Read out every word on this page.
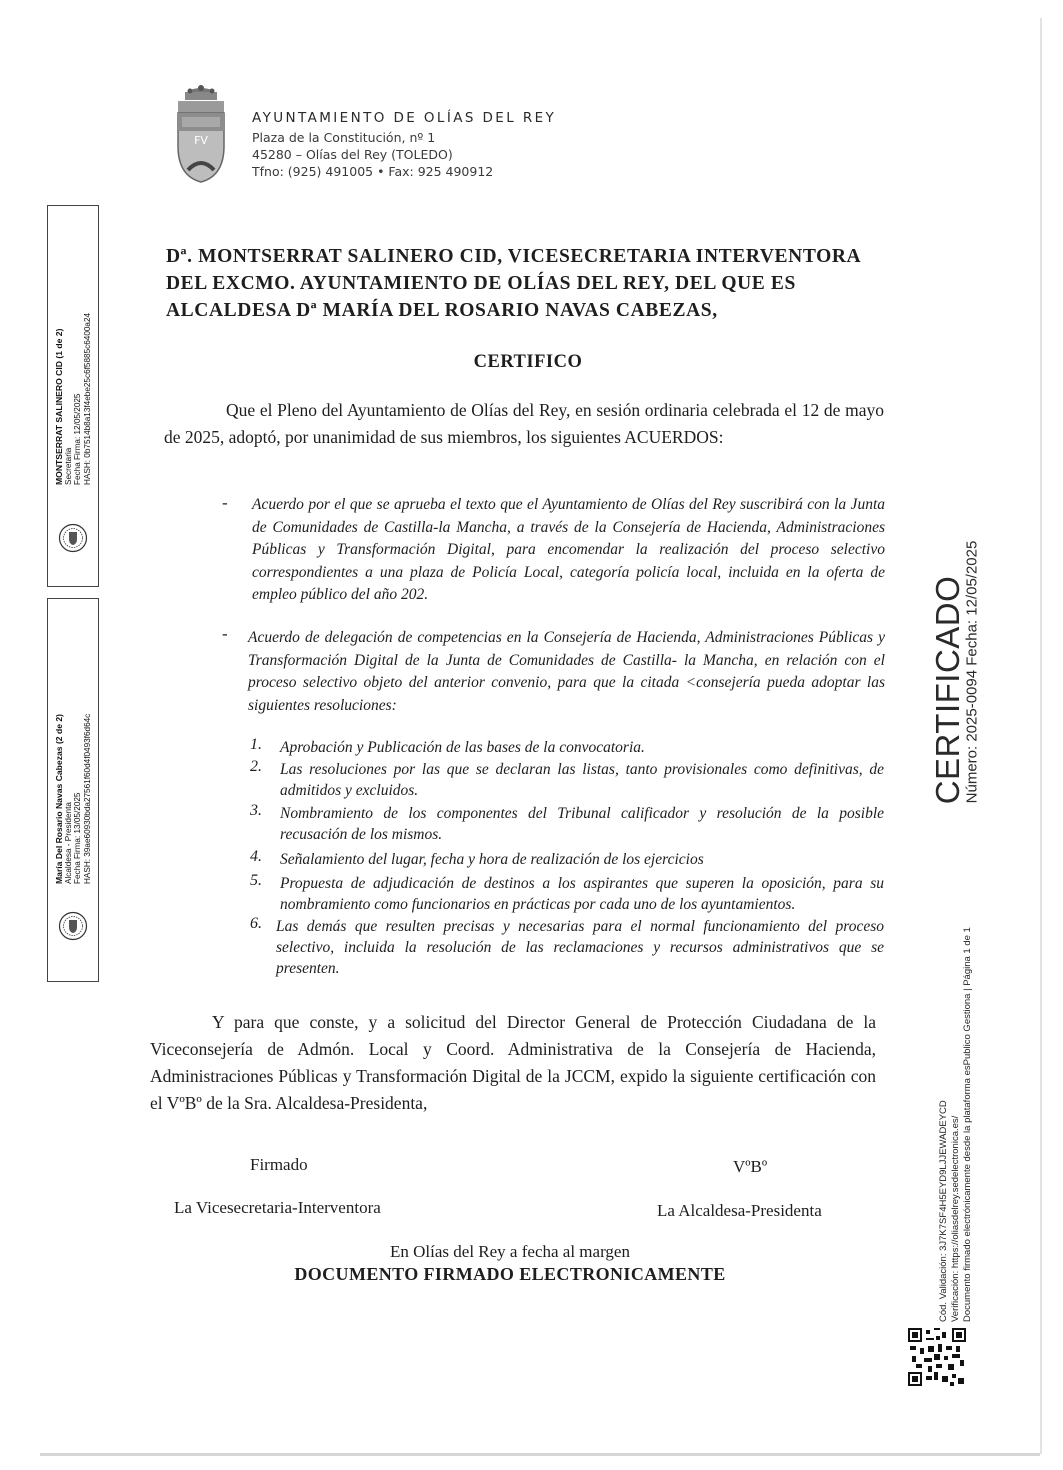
FV
AYUNTAMIENTO DE OLÍAS DEL REY
Plaza de la Constitución, nº 1
45280 – Olías del Rey (TOLEDO)
Tfno: (925) 491005 • Fax: 925 490912
Dª. MONTSERRAT SALINERO CID, VICESECRETARIA INTERVENTORA
DEL EXCMO. AYUNTAMIENTO DE OLÍAS DEL REY, DEL QUE ES
ALCALDESA Dª MARÍA DEL ROSARIO NAVAS CABEZAS,
CERTIFICO
Que el Pleno del Ayuntamiento de Olías del Rey, en sesión ordinaria celebrada el 12 de mayo de 2025, adoptó, por unanimidad de sus miembros, los siguientes ACUERDOS:
- Acuerdo por el que se aprueba el texto que el Ayuntamiento de Olías del Rey suscribirá con la Junta de Comunidades de Castilla-la Mancha, a través de la Consejería de Hacienda, Administraciones Públicas y Transformación Digital, para encomendar la realización del proceso selectivo correspondientes a una plaza de Policía Local, categoría policía local, incluida en la oferta de empleo público del año 202.
- Acuerdo de delegación de competencias en la Consejería de Hacienda, Administraciones Públicas y Transformación Digital de la Junta de Comunidades de Castilla- la Mancha, en relación con el proceso selectivo objeto del anterior convenio, para que la citada <consejería pueda adoptar las siguientes resoluciones:
1. Aprobación y Publicación de las bases de la convocatoria.
2. Las resoluciones por las que se declaran las listas, tanto provisionales como definitivas, de admitidos y excluidos.
3. Nombramiento de los componentes del Tribunal calificador y resolución de la posible recusación de los mismos.
4. Señalamiento del lugar, fecha y hora de realización de los ejercicios
5. Propuesta de adjudicación de destinos a los aspirantes que superen la oposición, para su nombramiento como funcionarios en prácticas por cada uno de los ayuntamientos.
6. Las demás que resulten precisas y necesarias para el normal funcionamiento del proceso selectivo, incluida la resolución de las reclamaciones y recursos administrativos que se presenten.
Y para que conste, y a solicitud del Director General de Protección Ciudadana de la Viceconsejería de Admón. Local y Coord. Administrativa de la Consejería de Hacienda, Administraciones Públicas y Transformación Digital de la JCCM, expido la siguiente certificación con el VºBº de la Sra. Alcaldesa-Presidenta,
Firmado	VºBº
La Vicesecretaria-Interventora	La Alcaldesa-Presidenta
En Olías del Rey a fecha al margen
DOCUMENTO FIRMADO ELECTRONICAMENTE
CERTIFICADO
Número: 2025-0094 Fecha: 12/05/2025
Cód. Validación: 3J7K7SF4H5EYD9LJJEWADEYCD Verificación: https://oliasdelrey.sedelectronica.es/ Documento firmado electrónicamente desde la plataforma esPublico Gestiona | Página 1 de 1
MONTSERRAT SALINERO CID (1 de 2)
Secretaria
Fecha Firma: 12/05/2025
HASH: 0b7514b8a13f4ebe25c6f5885c6400a24
María Del Rosario Navas Cabezas (2 de 2)
Alcaldesa - Presidenta
Fecha Firma: 13/05/2025
HASH: 39ae60930bda27561f60d4f0493f6d64c
